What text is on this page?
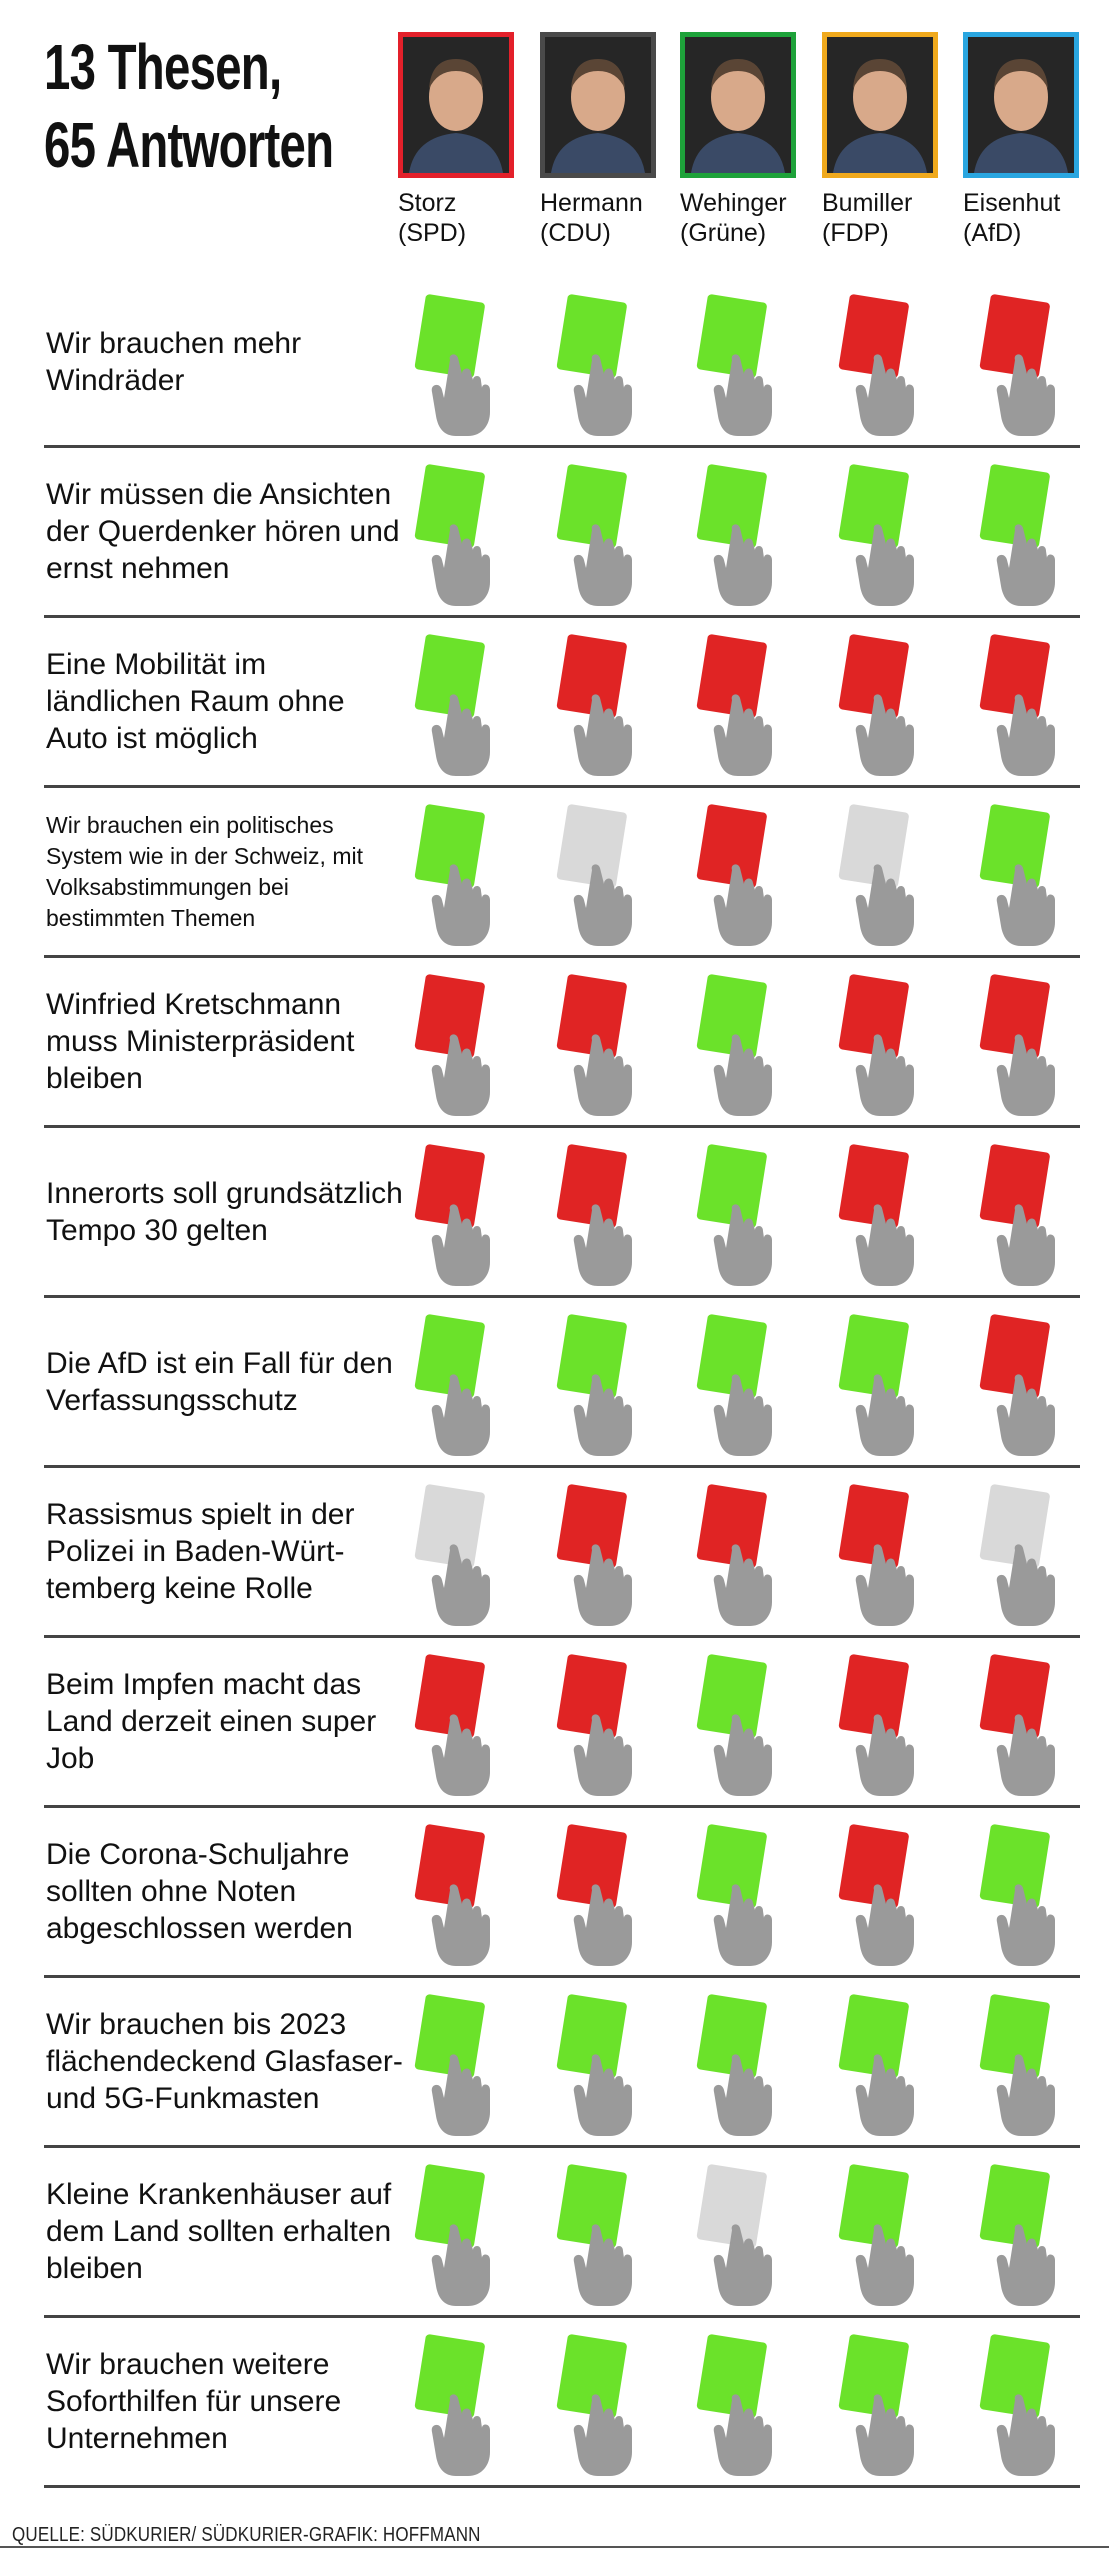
13 Thesen,
65 Antworten
Storz
(SPD)
Hermann
(CDU)
Wehinger
(Grüne)
Bumiller
(FDP)
Eisenhut
(AfD)
Wir brauchen mehr Windräder
Wir müssen die Ansichten der Querdenker hören und ernst nehmen
Eine Mobilität im ländlichen Raum ohne Auto ist möglich
Wir brauchen ein politisches System wie in der Schweiz, mit Volksabstimmungen bei bestimmten Themen
Winfried Kretschmann muss Ministerpräsident bleiben
Innerorts soll grundsätzlich Tempo 30 gelten
Die AfD ist ein Fall für den Verfassungsschutz
Rassismus spielt in der Polizei in Baden-Würt-temberg keine Rolle
Beim Impfen macht das Land derzeit einen super Job
Die Corona-Schuljahre sollten ohne Noten abgeschlossen werden
Wir brauchen bis 2023 flächendeckend Glasfaser- und 5G-Funkmasten
Kleine Krankenhäuser auf dem Land sollten erhalten bleiben
Wir brauchen weitere Soforthilfen für unsere Unternehmen
QUELLE: SÜDKURIER/ SÜDKURIER-GRAFIK: HOFFMANN
